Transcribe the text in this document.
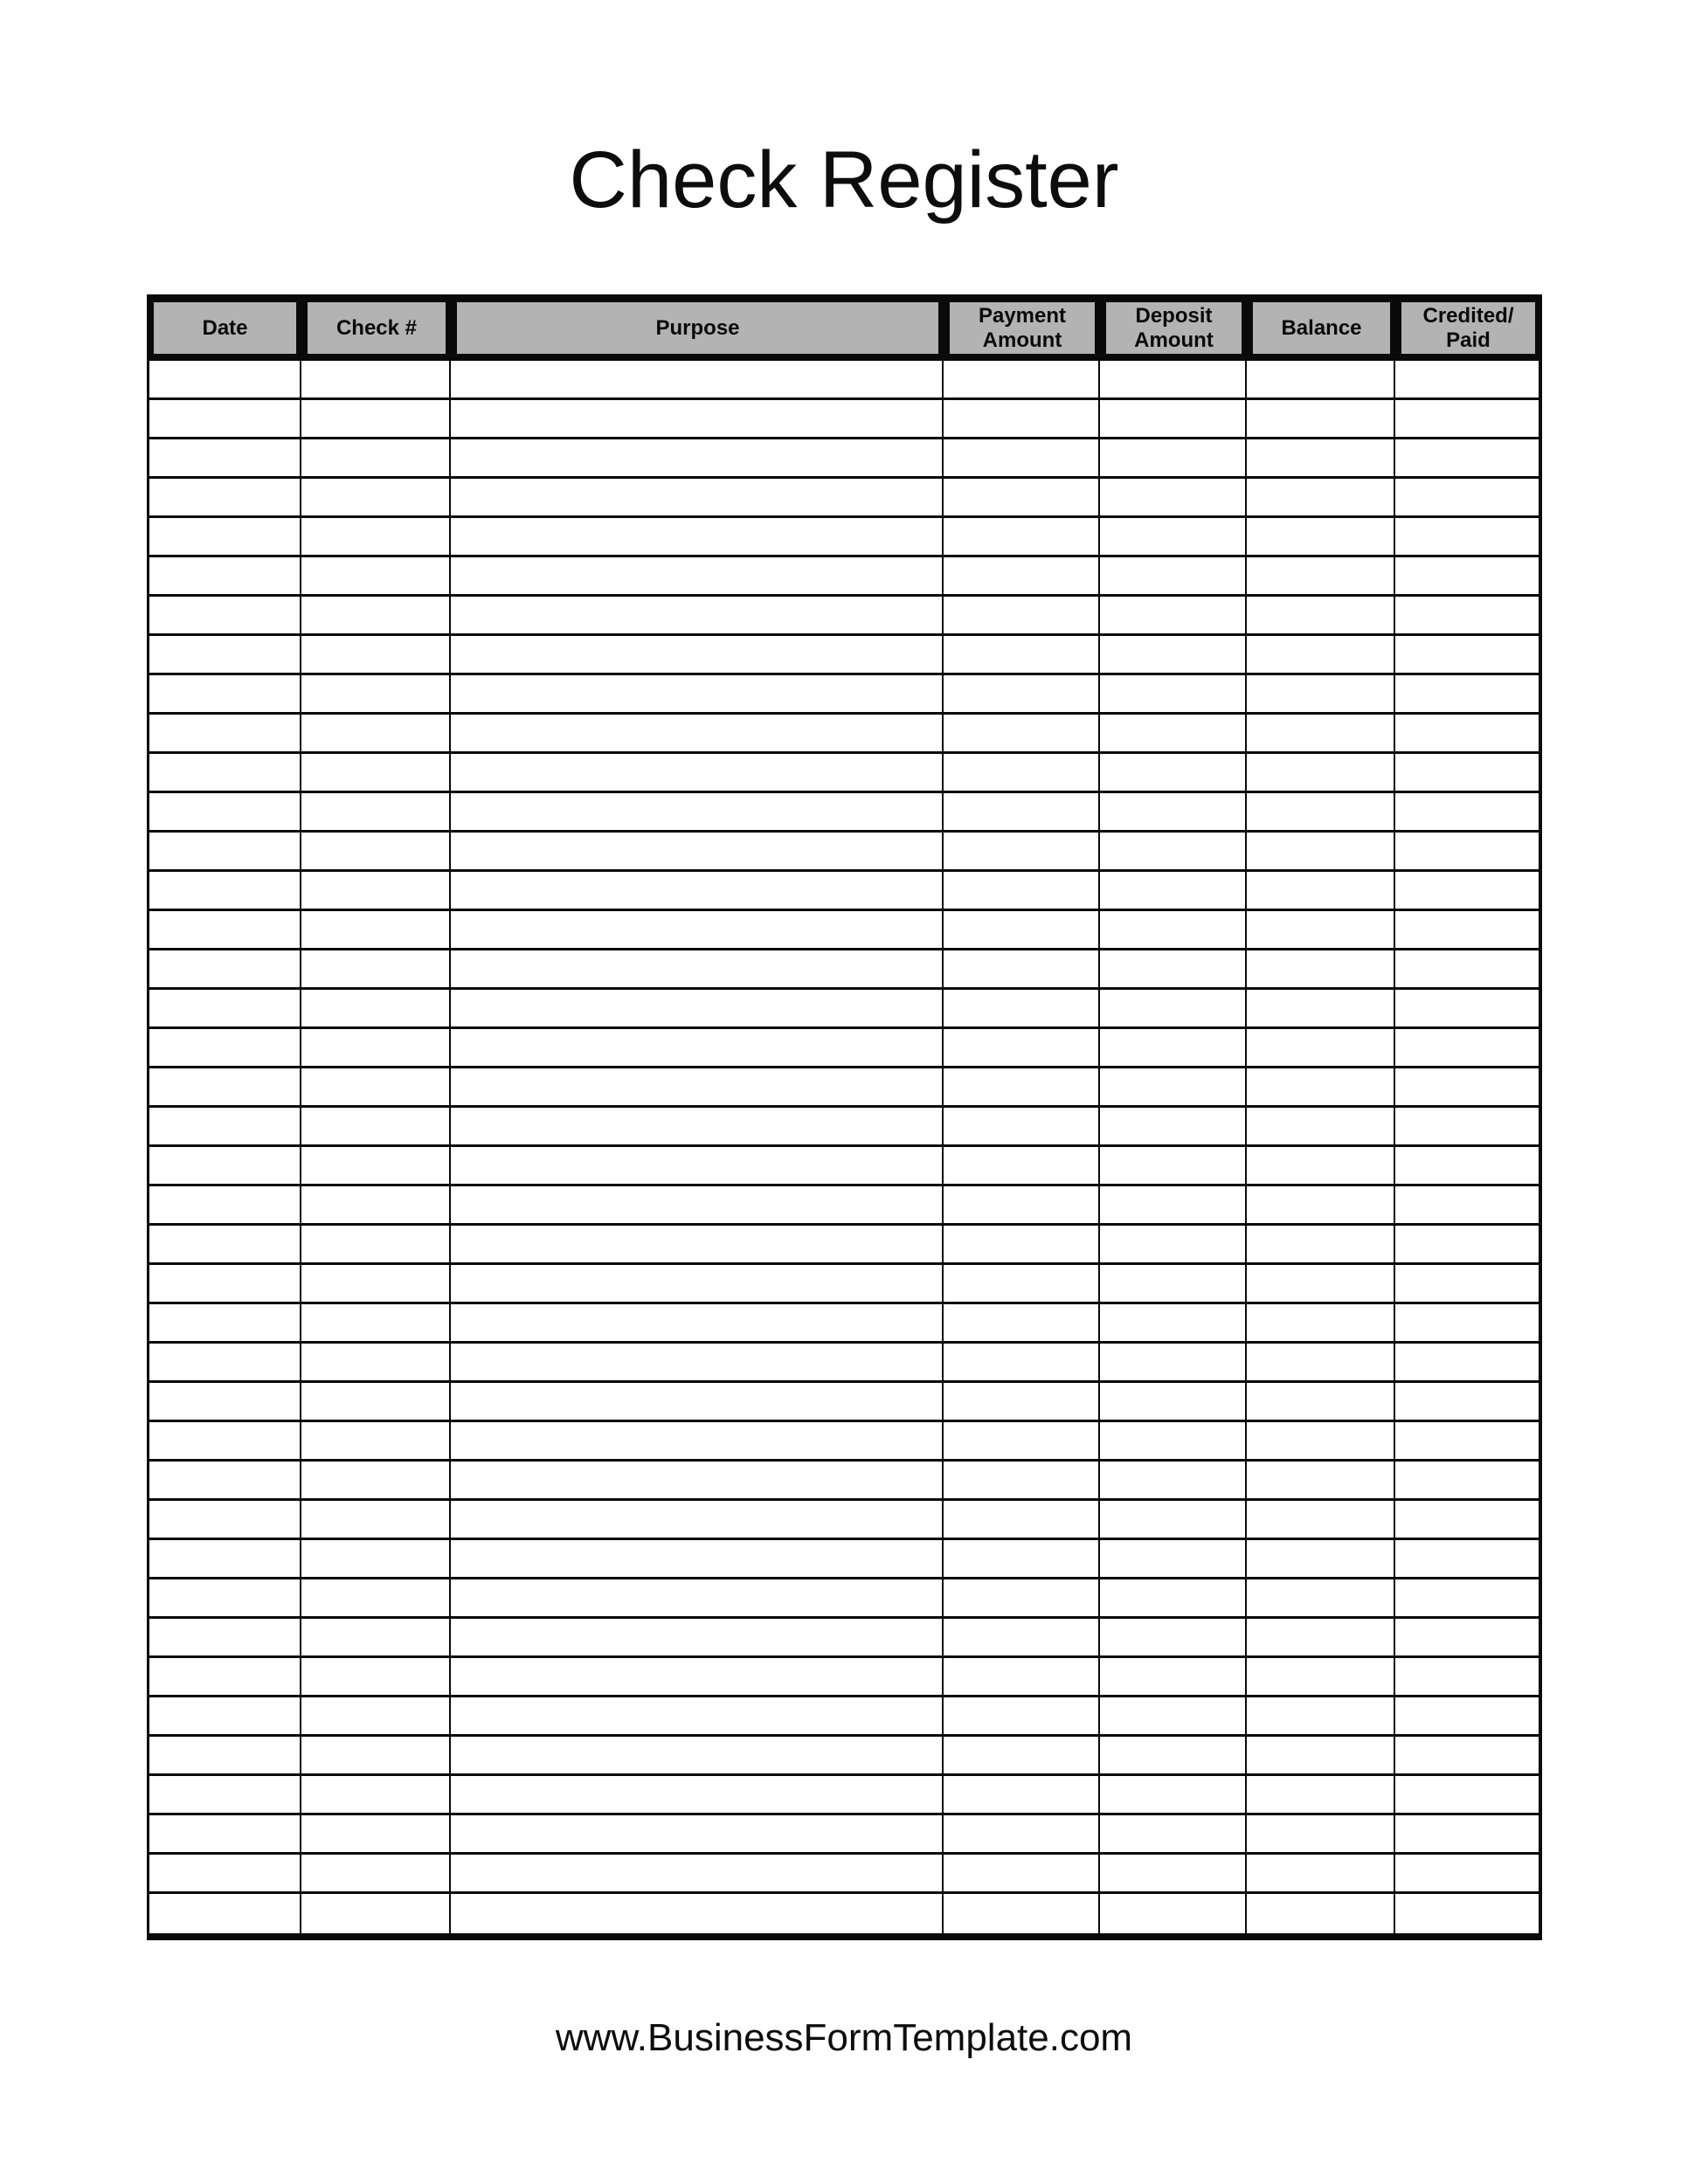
Check Register
Date	Check #	Purpose
Payment Amount
Deposit Amount
Balance
Credited/ Paid
www.BusinessFormTemplate.com
